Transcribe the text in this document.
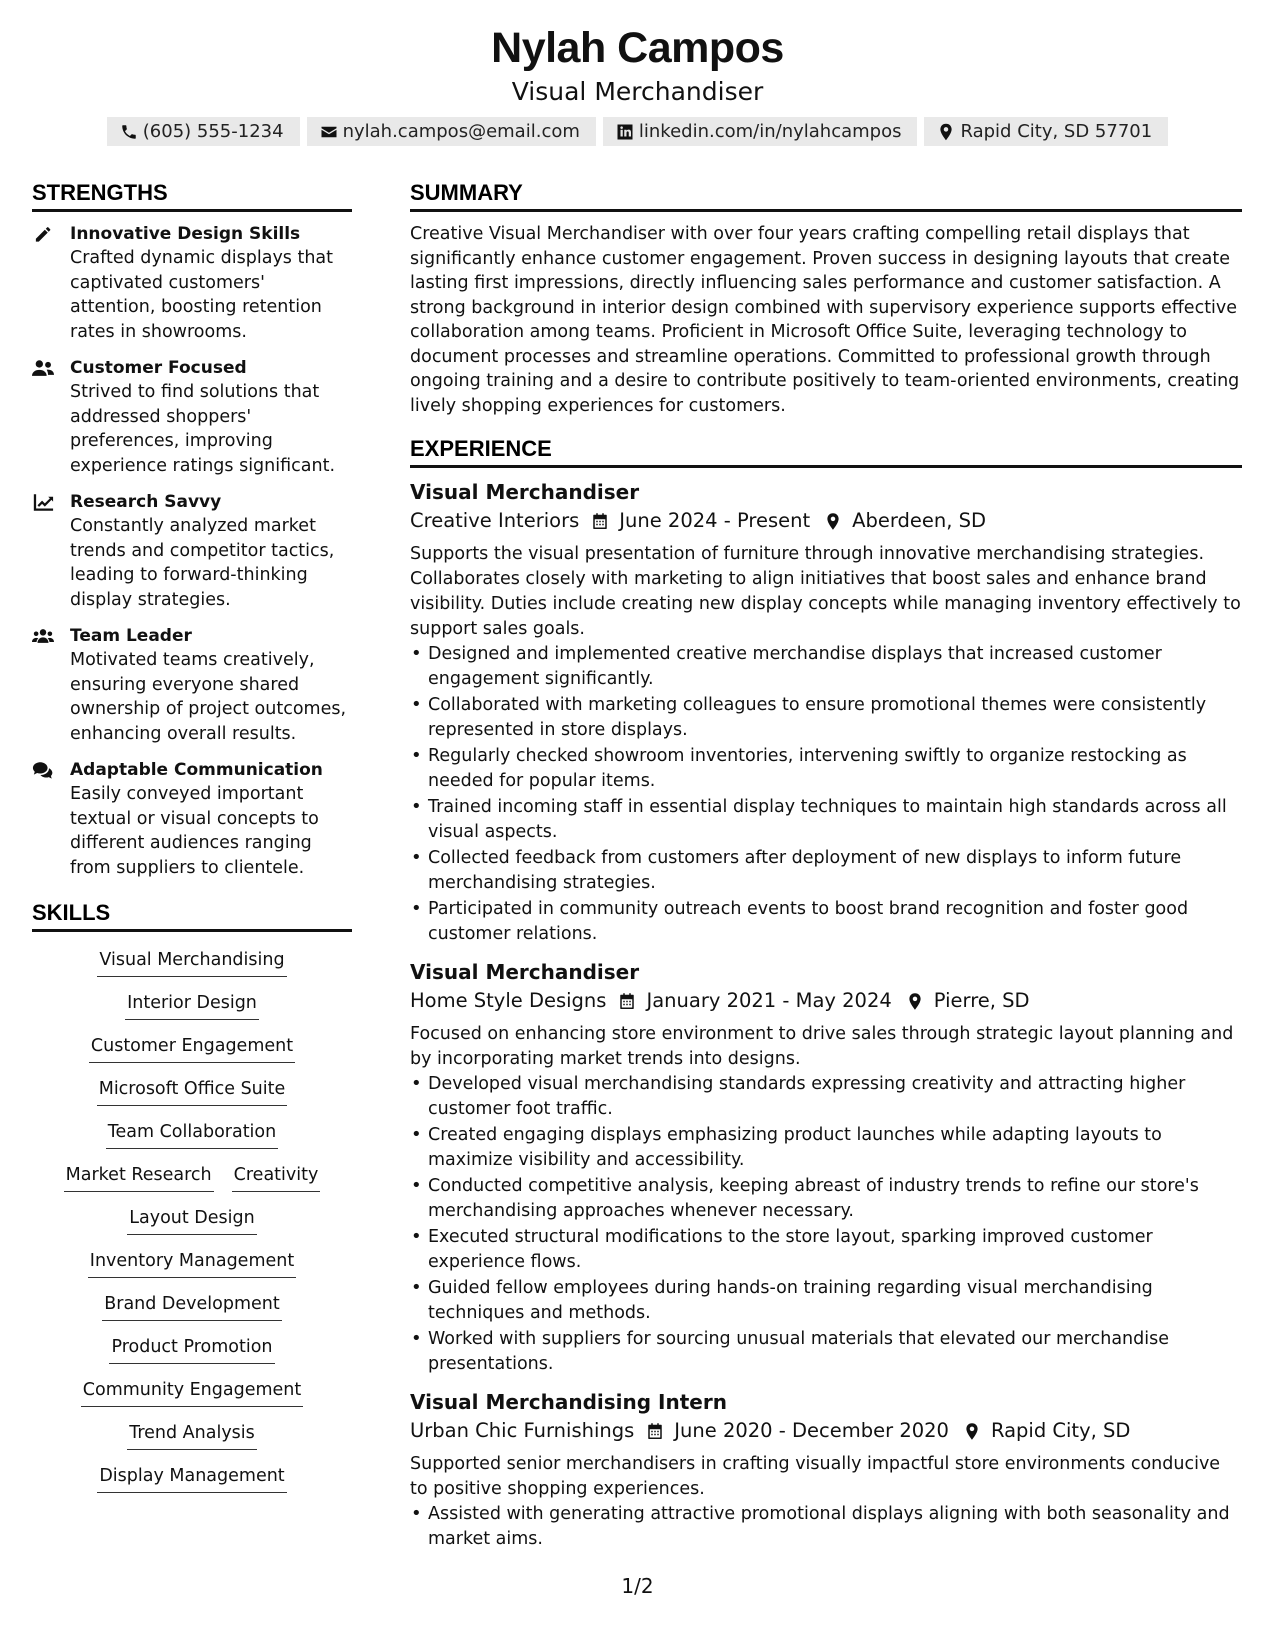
Nylah Campos
Visual Merchandiser
(605) 555-1234	nylah.campos@email.com	linkedin.com/in/nylahcampos	Rapid City, SD 57701
STRENGTHS
Innovative Design Skills
Crafted dynamic displays that captivated customers' attention, boosting retention rates in showrooms.
Customer Focused
Strived to find solutions that addressed shoppers' preferences, improving experience ratings significant.
Research Savvy
Constantly analyzed market trends and competitor tactics, leading to forward-thinking display strategies.
Team Leader
Motivated teams creatively, ensuring everyone shared ownership of project outcomes, enhancing overall results.
Adaptable Communication
Easily conveyed important textual or visual concepts to different audiences ranging from suppliers to clientele.
SKILLS
Visual Merchandising
Interior Design
Customer Engagement
Microsoft Office Suite
Team Collaboration
Market Research Creativity
Layout Design
Inventory Management
Brand Development
Product Promotion
Community Engagement
Trend Analysis
Display Management
SUMMARY
Creative Visual Merchandiser with over four years crafting compelling retail displays that significantly enhance customer engagement. Proven success in designing layouts that create lasting first impressions, directly influencing sales performance and customer satisfaction. A strong background in interior design combined with supervisory experience supports effective collaboration among teams. Proficient in Microsoft Office Suite, leveraging technology to document processes and streamline operations. Committed to professional growth through ongoing training and a desire to contribute positively to team-oriented environments, creating lively shopping experiences for customers.
EXPERIENCE
Visual Merchandiser
Creative Interiors June 2024 - Present Aberdeen, SD
Supports the visual presentation of furniture through innovative merchandising strategies. Collaborates closely with marketing to align initiatives that boost sales and enhance brand visibility. Duties include creating new display concepts while managing inventory effectively to support sales goals.
• Designed and implemented creative merchandise displays that increased customer engagement significantly.
• Collaborated with marketing colleagues to ensure promotional themes were consistently represented in store displays.
• Regularly checked showroom inventories, intervening swiftly to organize restocking as needed for popular items.
• Trained incoming staff in essential display techniques to maintain high standards across all visual aspects.
• Collected feedback from customers after deployment of new displays to inform future merchandising strategies.
• Participated in community outreach events to boost brand recognition and foster good customer relations.
Visual Merchandiser
Home Style Designs January 2021 - May 2024 Pierre, SD
Focused on enhancing store environment to drive sales through strategic layout planning and by incorporating market trends into designs.
• Developed visual merchandising standards expressing creativity and attracting higher customer foot traffic.
• Created engaging displays emphasizing product launches while adapting layouts to maximize visibility and accessibility.
• Conducted competitive analysis, keeping abreast of industry trends to refine our store's merchandising approaches whenever necessary.
• Executed structural modifications to the store layout, sparking improved customer experience flows.
• Guided fellow employees during hands-on training regarding visual merchandising techniques and methods.
• Worked with suppliers for sourcing unusual materials that elevated our merchandise presentations.
Visual Merchandising Intern
Urban Chic Furnishings June 2020 - December 2020 Rapid City, SD
Supported senior merchandisers in crafting visually impactful store environments conducive to positive shopping experiences.
• Assisted with generating attractive promotional displays aligning with both seasonality and market aims.
1/2
